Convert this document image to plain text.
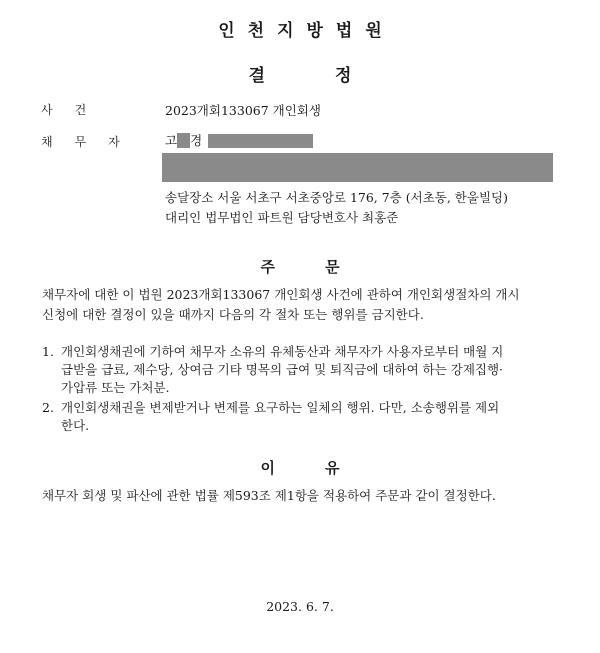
인천지방법원
결정
사건	2023개회133067 개인회생
채무자 고 경
송달장소 서울 서초구 서초중앙로 176, 7층 (서초동, 한울빌딩)
대리인 법무법인 파트원 담당변호사 최홍준
주문
채무자에 대한 이 법원 2023개회133067 개인회생 사건에 관하여 개인회생절차의 개시
신청에 대한 결정이 있을 때까지 다음의 각 절차 또는 행위를 금지한다.
1. 개인회생채권에 기하여 채무자 소유의 유체동산과 채무자가 사용자로부터 매월 지
급받을 급료, 제수당, 상여금 기타 명목의 급여 및 퇴직금에 대하여 하는 강제집행·
가압류 또는 가처분.
2. 개인회생채권을 변제받거나 변제를 요구하는 일체의 행위. 다만, 소송행위를 제외
한다.
이유
채무자 회생 및 파산에 관한 법률 제593조 제1항을 적용하여 주문과 같이 결정한다.
2023. 6. 7.
